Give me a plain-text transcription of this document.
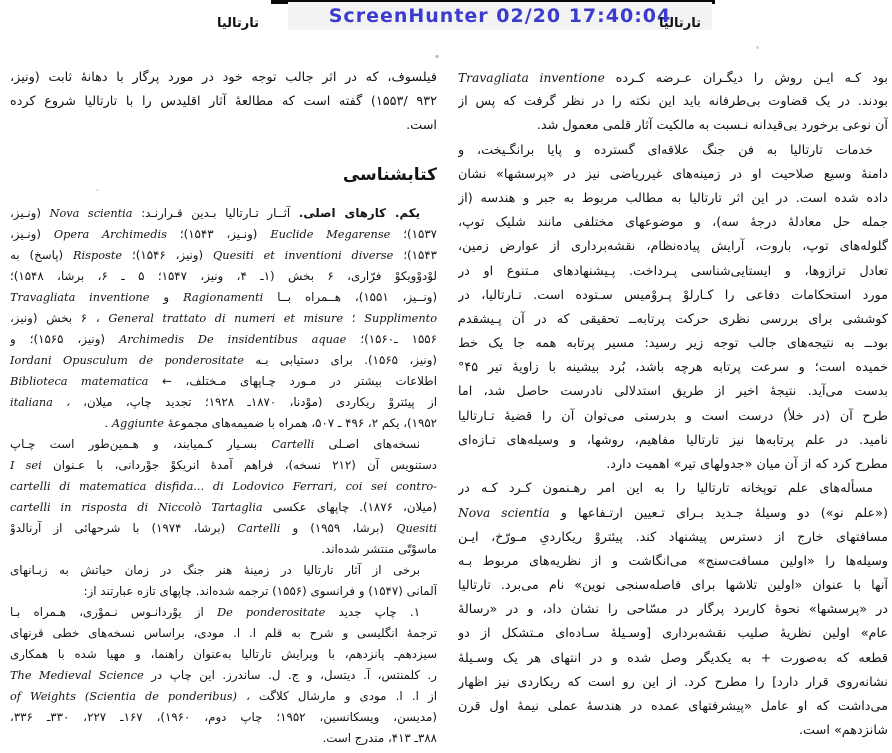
ScreenHunter 02/20 17:40:04
تارتالیا	تارتالیا
فیلسوف، که در اثر جالب توجه خود در مورد پرگار با دهانهٔ ثابت (ونیز،
۹۳۲ /۱۵۵۳) گفته است که مطالعهٔ آثار اقلیدس را با تارتالیا شروع کرده
است.
کتابشناسی
یکم. کارهای اصلی. آثــار تـارتالیا بـدین قـرارنـد: Nova scientia (ونـیز،
۱۵۳۷)؛ Euclide Megarense (ونـیز، ۱۵۴۳)؛ Opera Archimedis (ونـیز،
۱۵۴۳)؛ Quesiti et inventioni diverse (ونیز، ۱۵۴۶)؛ Risposte (پاسخ) به
لوْدوْویکوْ فرّاری، ۶ بخش (۱ـ ۴، ونیز، ۱۵۴۷؛ ۵ ـ ۶، برشا، ۱۵۴۸)؛
(ونــیز، ۱۵۵۱)، هــمراه بــا Ragionamenti و Travagliata inventione
Supplimento ؛ General trattato di numeri et misure ، ۶ بخش (ونیز،
۱۵۵۶ ـ۱۵۶۰)؛ Archimedis De insidentibus aquae (ونیز، ۱۵۶۵)؛ و
(ونیز، ۱۵۶۵). برای دستیابی بـه Iordani Opusculum de ponderositate
اطلاعات بیشتر در مـورد چـاپهای مـختلف، ← Biblioteca matematica
از پیئتروْ ریکاردی (موْدنا، ۱۸۷۰ـ ۱۹۲۸؛ تجدید چاپ، میلان، italiana ،
۱۹۵۲)، یکم ۲، ۴۹۶ ـ ۵۰۷، همراه با ضمیمه‌های مجموعهٔ Aggiunte .
نسخه‌های اصـلی Cartelli بسـیار کـمیابند، و هـمین‌طور است چـاپ
دستنویس آن (۲۱۲ نسخه)، فراهم آمدهٔ انریکوْ جوْردانی، با عـنوان I sei
cartelli di matematica disfida... di Lodovico Ferrari, coi sei contro-
(میلان، ۱۸۷۶). چاپهای عکسی cartelli in risposta di Niccolò Tartaglia
Quesiti (برشا، ۱۹۵۹) و Cartelli (برشا، ۱۹۷۴) با شرحهائی از آرنالدوْ
ماسوْتّی منتشر شده‌اند.
برخی از آثار تارتالیا در زمینهٔ هنر جنگ در زمان حیاتش به زبـانهای
آلمانی (۱۵۴۷) و فرانسوی (۱۵۵۶) ترجمه شده‌اند. چاپهای تازه عبارتند از:
۱. چاپ جدید De ponderositate از یوْردانـوس نـموْری، هـمراه بـا
ترجمهٔ انگلیسی و شرح به قلم ا. ا. مودی، براساس نسخه‌های خطی قرنهای
سیزدهم‌ـ پانزدهم، با ویرایش تارتالیا به‌عنوان راهنما، و مهیا شده با همکاری
ر. کلمنتس، آ. دیتسل، و ج. ل. ساندرز. این چاپ در The Medieval Science
از ا. ا. مودی و مارشال کلاگت of Weights (Scientia de ponderibus) ،
(مدیسن، ویسکانسین، ۱۹۵۲؛ چاپ دوم، ۱۹۶۰)، ۱۶۷ـ ۲۲۷، ۳۳۰ـ ۳۳۶،
۳۸۸ـ ۴۱۳، مندرج است.
بود کـه ایـن روش را دیگـران عـرضه کـرده Travagliata inventione
بودند. در یک قضاوت بی‌طرفانه باید این نکته را در نظر گرفت که پس از
آن نوعی برخورد بی‌قیدانه نـسبت به مالکیت آثار قلمی معمول شد.
خدمات تارتالیا به فن جنگ علاقه‌ای گسترده و پایا برانگـیخت، و
دامنهٔ وسیع صلاحیت او در زمینه‌های غیرریاضی نیز در «پرسشها» نشان
داده شده است. در این اثر تارتالیا به مطالب مربوط به جبر و هندسه (از
جمله حل معادلهٔ درجهٔ سه)، و موضوعهای مختلفی مانند شلیک توپ،
گلوله‌های توپ، باروت، آرایش پیاده‌نظام، نقشه‌برداری از عوارض زمین،
تعادل ترازوها، و ایستایی‌شناسی پـرداخت. پـیشنهادهای مـتنوع او در
مورد استحکامات دفاعی را کـارلوْ پـروْمیس سـتوده است. تـارتالیا، در
کوششی برای بررسی نظری حرکت پرتابه‌ــ تحقیقی که در آن پـیشقدم
بودــ به نتیجه‌های جالب توجه زیر رسید: مسیر پرتابه همه جا یک خط
خمیده است؛ و سرعت پرتابه هرچه باشد، بُرد بیشینه با زاویهٔ تیر ۴۵°
بدست می‌آید. نتیجهٔ اخیر از طریق استدلالی نادرست حاصل شد، اما
طرح آن (در خلأ) درست است و بدرستی می‌توان آن را قضیهٔ تـارتالیا
نامید. در علم پرتابه‌ها نیز تارتالیا مفاهیم، روشها، و وسیله‌های تـازه‌ای
مطرح کرد که از آن میان «جدولهای تیر» اهمیت دارد.
مسأله‌های علم توپخانه تارتالیا را به این امر رهـنمون کـرد کـه در
(«علم نو») دو وسیلهٔ جـدید بـرای تـعیین ارتـفاعها و Nova scientia
مسافتهای خارج از دسترس پیشنهاد کند. پیئتروْ ریکاردیِ مـورّخ، ایـن
وسیله‌ها را «اولین مسافت‌سنج» می‌انگاشت و از نظریه‌های مربوط بـه
آنها با عنوان «اولین تلاشها برای فاصله‌سنجی نوین» نام می‌برد. تارتالیا
در «پرسشها» نحوهٔ کاربرد پرگار در مسّاحی را نشان داد، و در «رسالهٔ
عام» اولین نظریهٔ صلیب نقشه‌برداری [وسـیلهٔ سـاده‌ای مـتشکل از دو
قطعه که به‌صورت + به یکدیگر وصل شده و در انتهای هر یک وسـیلهٔ
نشانه‌روی قرار دارد] را مطرح کرد. از این رو است که ریکاردی نیز اظهار
می‌داشت که او عامل «پیشرفتهای عمده در هندسهٔ عملی نیمهٔ اول قرن
شانزدهم» است.
